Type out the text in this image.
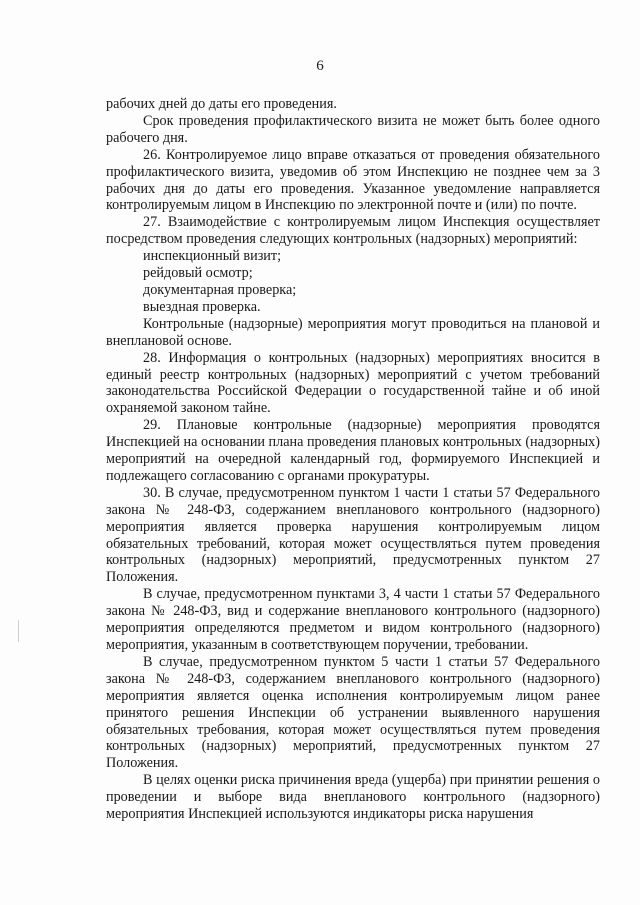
6

рабочих дней до даты его проведения.

Срок проведения профилактического визита не может быть более одного рабочего дня.

26. Контролируемое лицо вправе отказаться от проведения обязательного профилактического визита, уведомив об этом Инспекцию не позднее чем за 3 рабочих дня до даты его проведения. Указанное уведомление направляется контролируемым лицом в Инспекцию по электронной почте и (или) по почте.

27. Взаимодействие с контролируемым лицом Инспекция осуществляет посредством проведения следующих контрольных (надзорных) мероприятий:

инспекционный визит;

рейдовый осмотр;

документарная проверка;

выездная проверка.

Контрольные (надзорные) мероприятия могут проводиться на плановой и внеплановой основе.

28. Информация о контрольных (надзорных) мероприятиях вносится в единый реестр контрольных (надзорных) мероприятий с учетом требований законодательства Российской Федерации о государственной тайне и об иной охраняемой законом тайне.

29. Плановые контрольные (надзорные) мероприятия проводятся Инспекцией на основании плана проведения плановых контрольных (надзорных) мероприятий на очередной календарный год, формируемого Инспекцией и подлежащего согласованию с органами прокуратуры.

30. В случае, предусмотренном пунктом 1 части 1 статьи 57 Федерального закона № 248-ФЗ, содержанием внепланового контрольного (надзорного) мероприятия является проверка нарушения контролируемым лицом обязательных требований, которая может осуществляться путем проведения контрольных (надзорных) мероприятий, предусмотренных пунктом 27 Положения.

В случае, предусмотренном пунктами 3, 4 части 1 статьи 57 Федерального закона № 248-ФЗ, вид и содержание внепланового контрольного (надзорного) мероприятия определяются предметом и видом контрольного (надзорного) мероприятия, указанным в соответствующем поручении, требовании.

В случае, предусмотренном пунктом 5 части 1 статьи 57 Федерального закона № 248-ФЗ, содержанием внепланового контрольного (надзорного) мероприятия является оценка исполнения контролируемым лицом ранее принятого решения Инспекции об устранении выявленного нарушения обязательных требования, которая может осуществляться путем проведения контрольных (надзорных) мероприятий, предусмотренных пунктом 27 Положения.

В целях оценки риска причинения вреда (ущерба) при принятии решения о проведении и выборе вида внепланового контрольного (надзорного) мероприятия Инспекцией используются индикаторы риска нарушения
